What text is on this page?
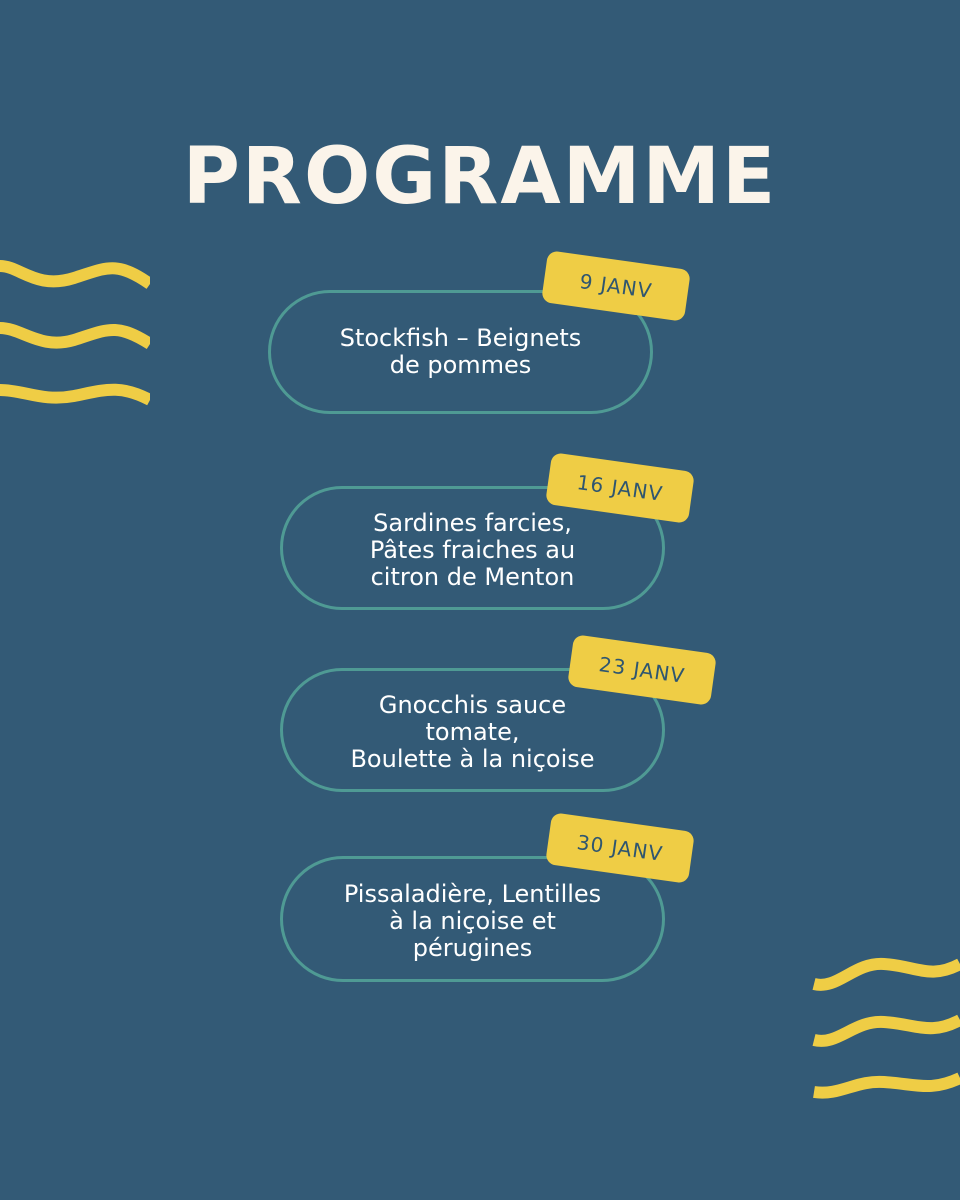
PROGRAMME
Stockfish – Beignets
de pommes
9 JANV
Sardines farcies,
Pâtes fraiches au
citron de Menton
16 JANV
Gnocchis sauce
tomate,
Boulette à la niçoise
23 JANV
Pissaladière, Lentilles
à la niçoise et
pérugines
30 JANV
